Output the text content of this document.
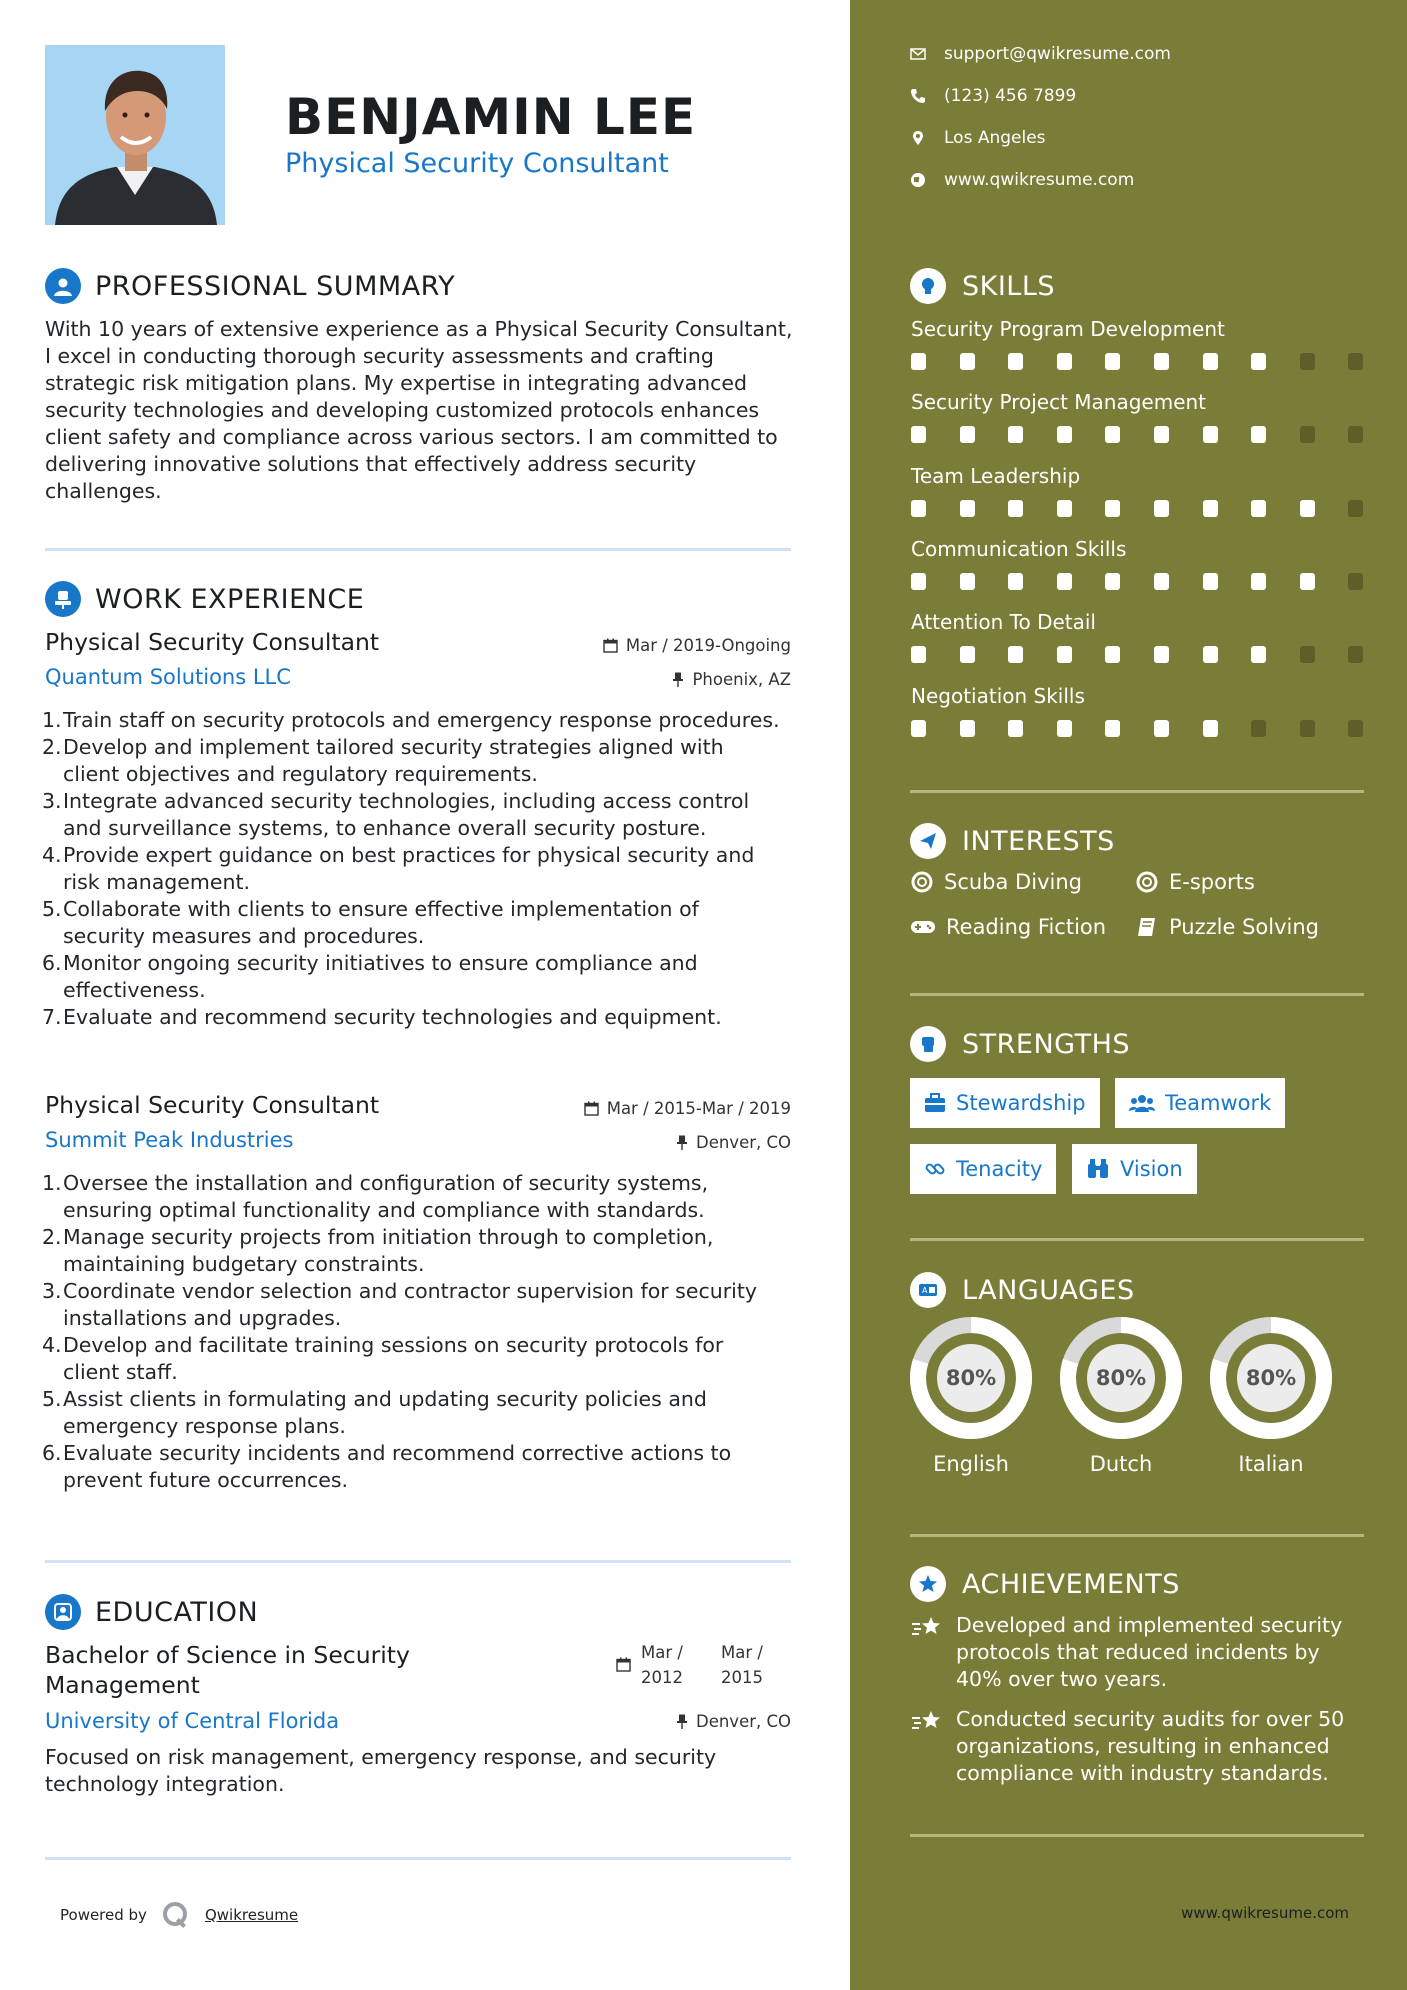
BENJAMIN LEE
Physical Security Consultant
PROFESSIONAL SUMMARY
With 10 years of extensive experience as a Physical Security Consultant, I excel in conducting thorough security assessments and crafting strategic risk mitigation plans. My expertise in integrating advanced security technologies and developing customized protocols enhances client safety and compliance across various sectors. I am committed to delivering innovative solutions that effectively address security challenges.
WORK EXPERIENCE
Physical Security Consultant	Mar / 2019-Ongoing
Quantum Solutions LLC	Phoenix, AZ
Train staff on security protocols and emergency response procedures.
Develop and implement tailored security strategies aligned with client objectives and regulatory requirements.
Integrate advanced security technologies, including access control and surveillance systems, to enhance overall security posture.
Provide expert guidance on best practices for physical security and risk management.
Collaborate with clients to ensure effective implementation of security measures and procedures.
Monitor ongoing security initiatives to ensure compliance and effectiveness.
Evaluate and recommend security technologies and equipment.
Physical Security Consultant	Mar / 2015-Mar / 2019
Summit Peak Industries	Denver, CO
Oversee the installation and configuration of security systems, ensuring optimal functionality and compliance with standards.
Manage security projects from initiation through to completion, maintaining budgetary constraints.
Coordinate vendor selection and contractor supervision for security installations and upgrades.
Develop and facilitate training sessions on security protocols for client staff.
Assist clients in formulating and updating security policies and emergency response plans.
Evaluate security incidents and recommend corrective actions to prevent future occurrences.
EDUCATION
Bachelor of Science in Security Management
Mar / 2012
Mar / 2015
University of Central Florida	Denver, CO
Focused on risk management, emergency response, and security technology integration.
Powered by	Qwikresume
support@qwikresume.com
(123) 456 7899
Los Angeles
www.qwikresume.com
SKILLS
Security Program Development
Security Project Management
Team Leadership
Communication Skills
Attention To Detail
Negotiation Skills
INTERESTS
Scuba Diving	E-sports
Reading Fiction	Puzzle Solving
STRENGTHS
Stewardship	Teamwork
Tenacity	Vision
A LANGUAGES
80%
English
80%
Dutch
80%
Italian
ACHIEVEMENTS
Developed and implemented security protocols that reduced incidents by 40% over two years.
Conducted security audits for over 50 organizations, resulting in enhanced compliance with industry standards.
www.qwikresume.com
